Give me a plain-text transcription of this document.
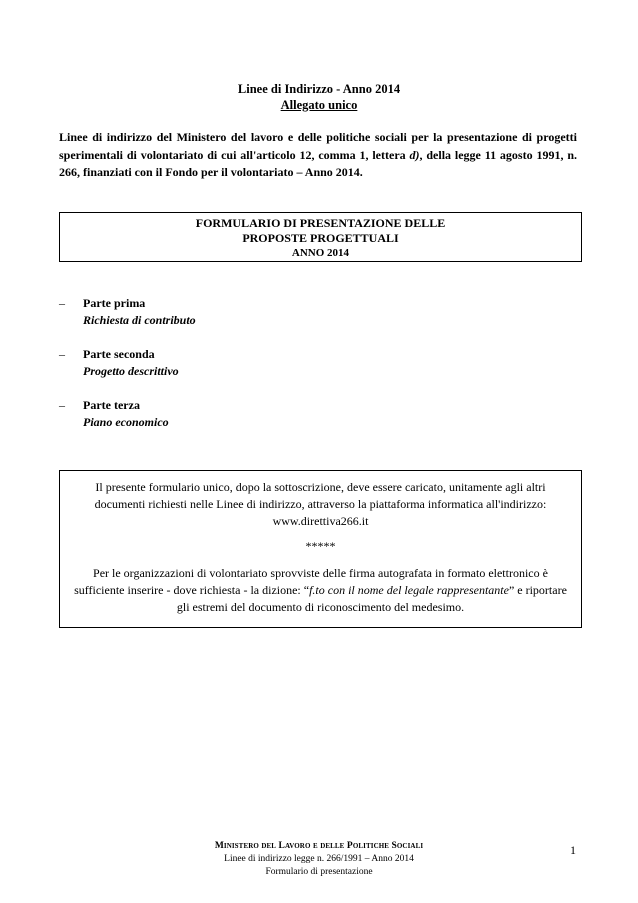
Linee di Indirizzo - Anno 2014
Allegato unico
Linee di indirizzo del Ministero del lavoro e delle politiche sociali per la presentazione di progetti sperimentali di volontariato di cui all'articolo 12, comma 1, lettera d), della legge 11 agosto 1991, n. 266, finanziati con il Fondo per il volontariato – Anno 2014.
FORMULARIO DI PRESENTAZIONE DELLE
PROPOSTE PROGETTUALI
ANNO 2014
– Parte prima
Richiesta di contributo
– Parte seconda
Progetto descrittivo
– Parte terza
Piano economico
Il presente formulario unico, dopo la sottoscrizione, deve essere caricato, unitamente agli altri documenti richiesti nelle Linee di indirizzo, attraverso la piattaforma informatica all'indirizzo: www.direttiva266.it
*****
Per le organizzazioni di volontariato sprovviste delle firma autografata in formato elettronico è sufficiente inserire - dove richiesta - la dizione: “f.to con il nome del legale rappresentante” e riportare gli estremi del documento di riconoscimento del medesimo.
Ministero del Lavoro e delle Politiche Sociali
Linee di indirizzo legge n. 266/1991 – Anno 2014
Formulario di presentazione
1
